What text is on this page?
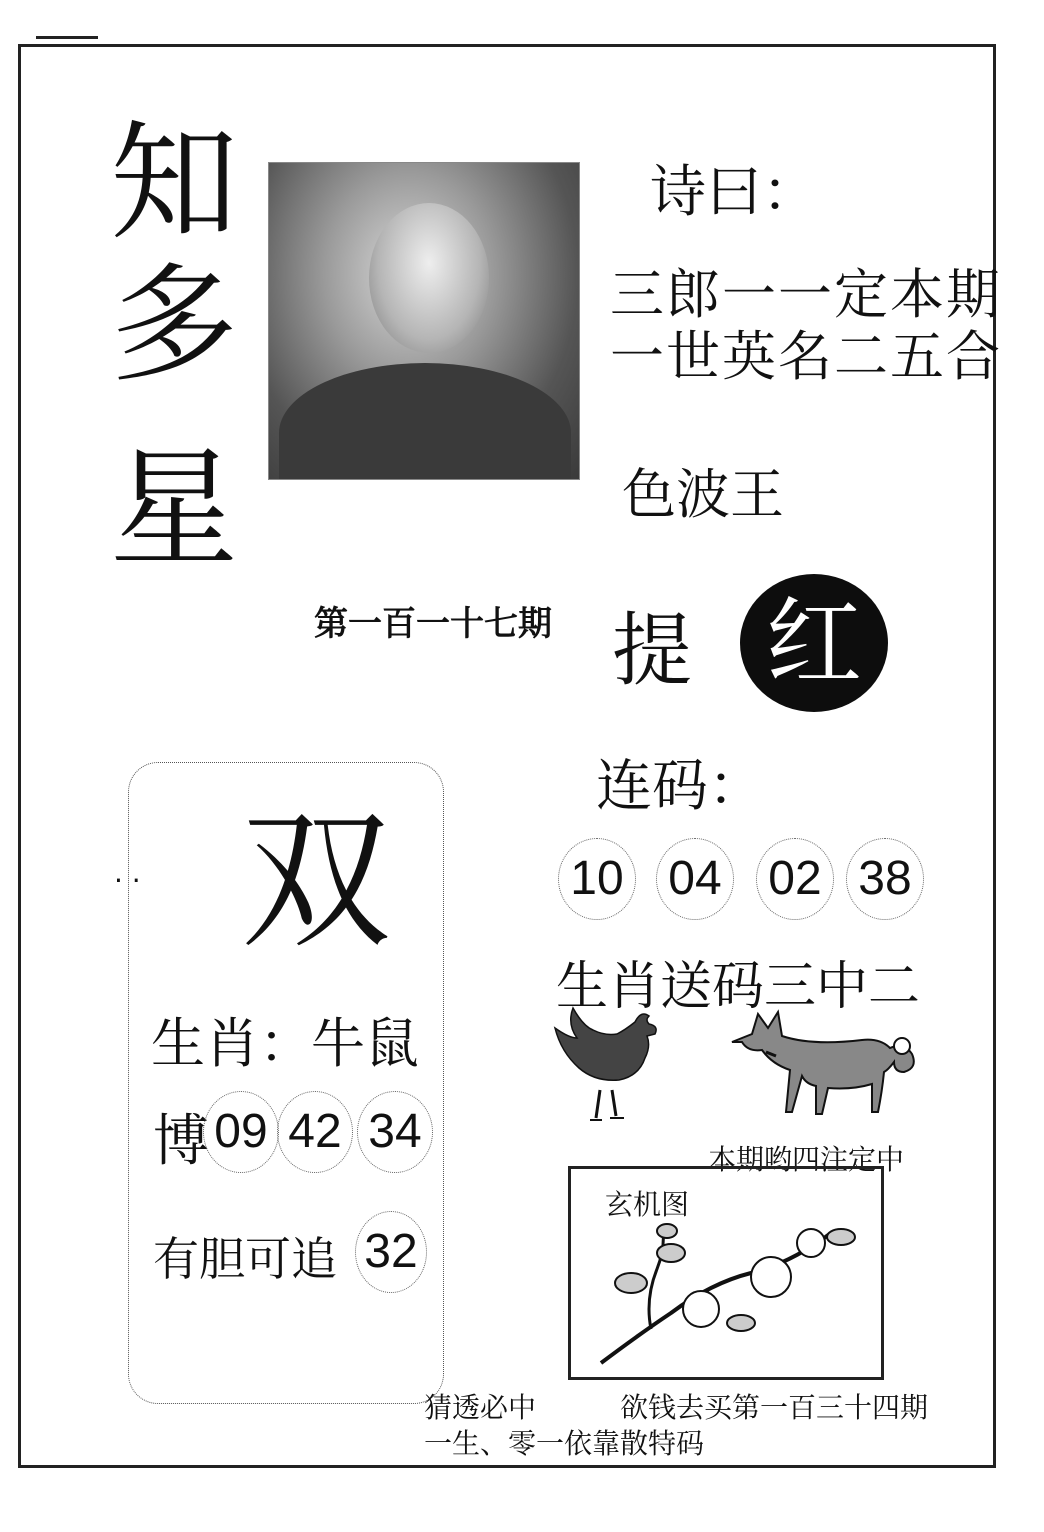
知
多
星
诗曰：
三郎一一定本期
一世英名二五合
色波王
第一百一十七期 提 红
连码：
10 04 02 38
生肖送码三中二
本期哟四注定中
玄机图
. . 双
生肖：
牛鼠
博 09 42 34
有胆可追 32
猜透必中	欲钱去买第一百三十四期
一生、零一依靠散特码
